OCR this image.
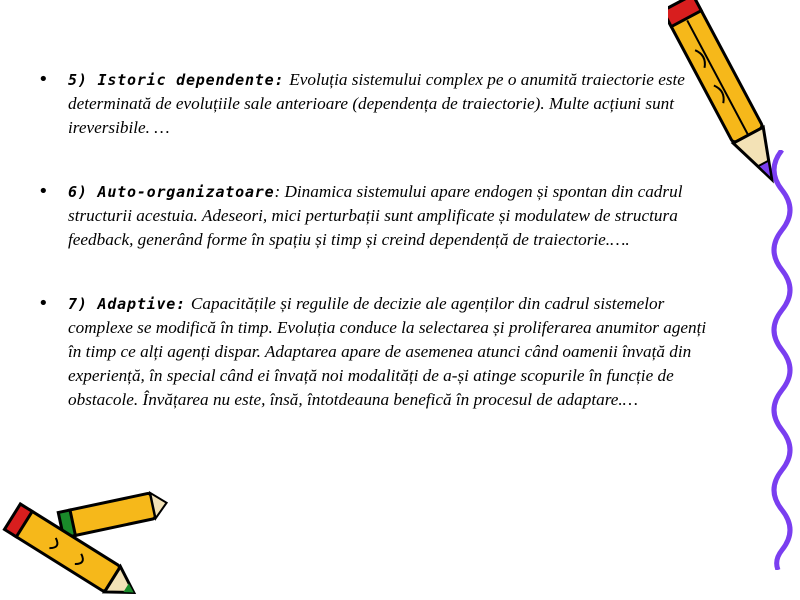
• 5) Istoric dependente: Evoluția sistemului complex pe o anumită traiectorie este determinată de evoluțiile sale anterioare (dependența de traiectorie). Multe acțiuni sunt ireversibile. …
• 6) Auto-organizatoare: Dinamica sistemului apare endogen și spontan din cadrul structurii acestuia. Adeseori, mici perturbații sunt amplificate și modulatew de structura feedback, generând forme în spațiu și timp și creind dependență de traiectorie.….
• 7) Adaptive: Capacitățile și regulile de decizie ale agenților din cadrul sistemelor complexe se modifică în timp. Evoluția conduce la selectarea și proliferarea anumitor agenți în timp ce alți agenți dispar. Adaptarea apare de asemenea atunci când oamenii învață din experiență, în special când ei învață noi modalități de a-și atinge scopurile în funcție de obstacole. Învățarea nu este, însă, întotdeauna benefică în procesul de adaptare.…
